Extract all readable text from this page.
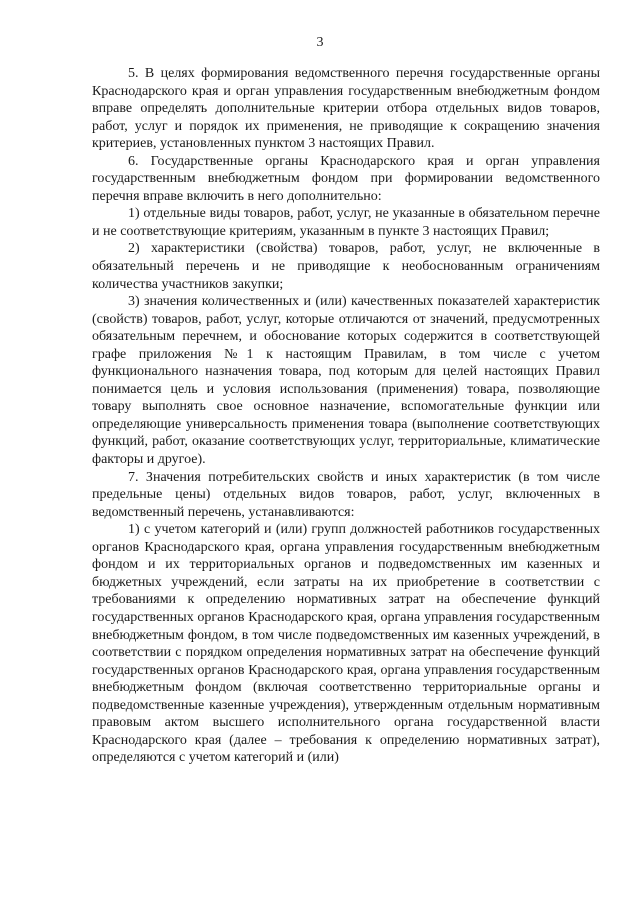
3

5. В целях формирования ведомственного перечня государственные органы Краснодарского края и орган управления государственным внебюджетным фондом вправе определять дополнительные критерии отбора отдельных видов товаров, работ, услуг и порядок их применения, не приводящие к сокращению значения критериев, установленных пунктом 3 настоящих Правил.

6. Государственные органы Краснодарского края и орган управления государственным внебюджетным фондом при формировании ведомственного перечня вправе включить в него дополнительно:

1) отдельные виды товаров, работ, услуг, не указанные в обязательном перечне и не соответствующие критериям, указанным в пункте 3 настоящих Правил;

2) характеристики (свойства) товаров, работ, услуг, не включенные в обязательный перечень и не приводящие к необоснованным ограничениям количества участников закупки;

3) значения количественных и (или) качественных показателей характеристик (свойств) товаров, работ, услуг, которые отличаются от значений, предусмотренных обязательным перечнем, и обоснование которых содержится в соответствующей графе приложения №1 к настоящим Правилам, в том числе с учетом функционального назначения товара, под которым для целей настоящих Правил понимается цель и условия использования (применения) товара, позволяющие товару выполнять свое основное назначение, вспомогательные функции или определяющие универсальность применения товара (выполнение соответствующих функций, работ, оказание соответствующих услуг, территориальные, климатические факторы и другое).

7. Значения потребительских свойств и иных характеристик (в том числе предельные цены) отдельных видов товаров, работ, услуг, включенных в ведомственный перечень, устанавливаются:

1) с учетом категорий и (или) групп должностей работников государственных органов Краснодарского края, органа управления государственным внебюджетным фондом и их территориальных органов и подведомственных им казенных и бюджетных учреждений, если затраты на их приобретение в соответствии с требованиями к определению нормативных затрат на обеспечение функций государственных органов Краснодарского края, органа управления государственным внебюджетным фондом, в том числе подведомственных им казенных учреждений, в соответствии с порядком определения нормативных затрат на обеспечение функций государственных органов Краснодарского края, органа управления государственным внебюджетным фондом (включая соответственно территориальные органы и подведомственные казенные учреждения), утвержденным отдельным нормативным правовым актом высшего исполнительного органа государственной власти Краснодарского края (далее – требования к определению нормативных затрат), определяются с учетом категорий и (или)
